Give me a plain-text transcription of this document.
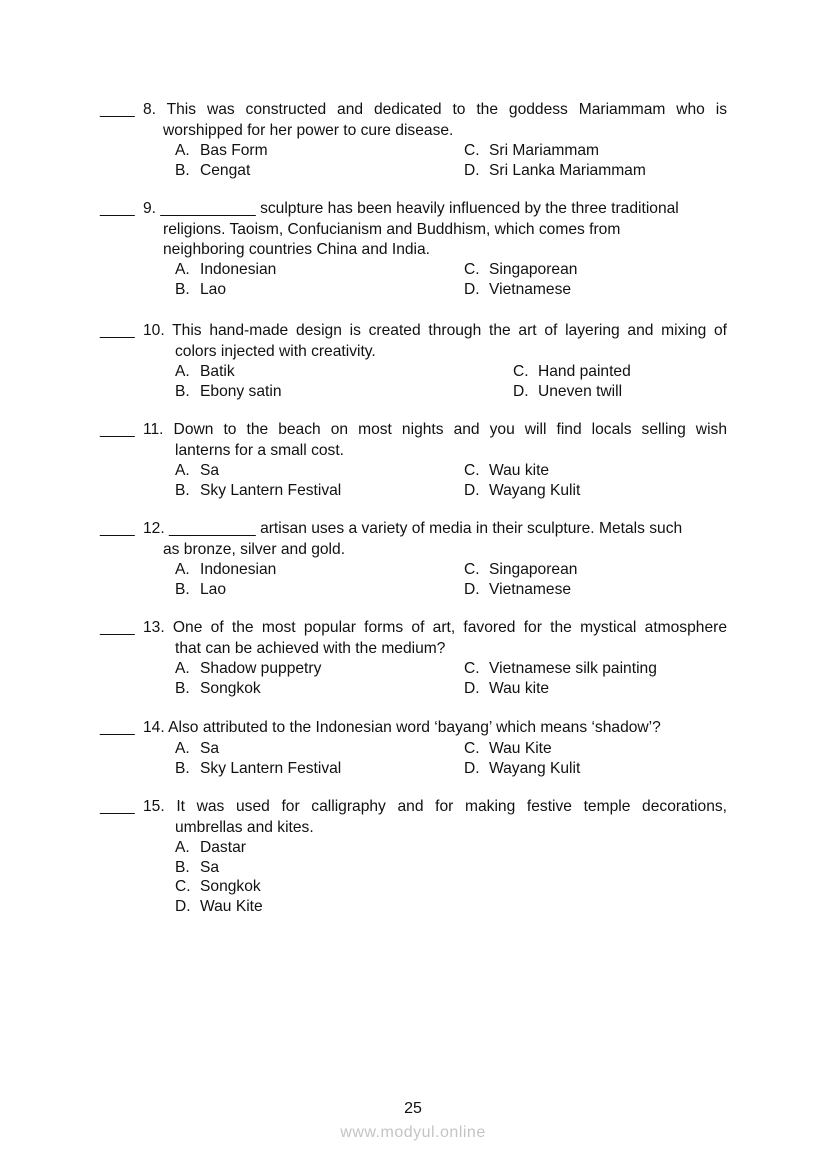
____ 8. This was constructed and dedicated to the goddess Mariammam who is
worshipped for her power to cure disease.
A. Bas Form
B. Cengat
C. Sri Mariammam
D. Sri Lanka Mariammam
____ 9. ___________ sculpture has been heavily influenced by the three traditional
religions. Taoism, Confucianism and Buddhism, which comes from
neighboring countries China and India.
A. Indonesian
B. Lao
C. Singaporean
D. Vietnamese
____ 10. This hand-made design is created through the art of layering and mixing of
colors injected with creativity.
A. Batik
B. Ebony satin
C. Hand painted
D. Uneven twill
____ 11. Down to the beach on most nights and you will find locals selling wish
lanterns for a small cost.
A. Sa
B. Sky Lantern Festival
C. Wau kite
D. Wayang Kulit
____ 12. __________ artisan uses a variety of media in their sculpture. Metals such
as bronze, silver and gold.
A. Indonesian
B. Lao
C. Singaporean
D. Vietnamese
____ 13. One of the most popular forms of art, favored for the mystical atmosphere
that can be achieved with the medium?
A. Shadow puppetry
B. Songkok
C. Vietnamese silk painting
D. Wau kite
____ 14. Also attributed to the Indonesian word ‘bayang’ which means ‘shadow’?
A. Sa
B. Sky Lantern Festival
C. Wau Kite
D. Wayang Kulit
____ 15. It was used for calligraphy and for making festive temple decorations,
umbrellas and kites.
A. Dastar
B. Sa
C. Songkok
D. Wau Kite
25
www.modyul.online
